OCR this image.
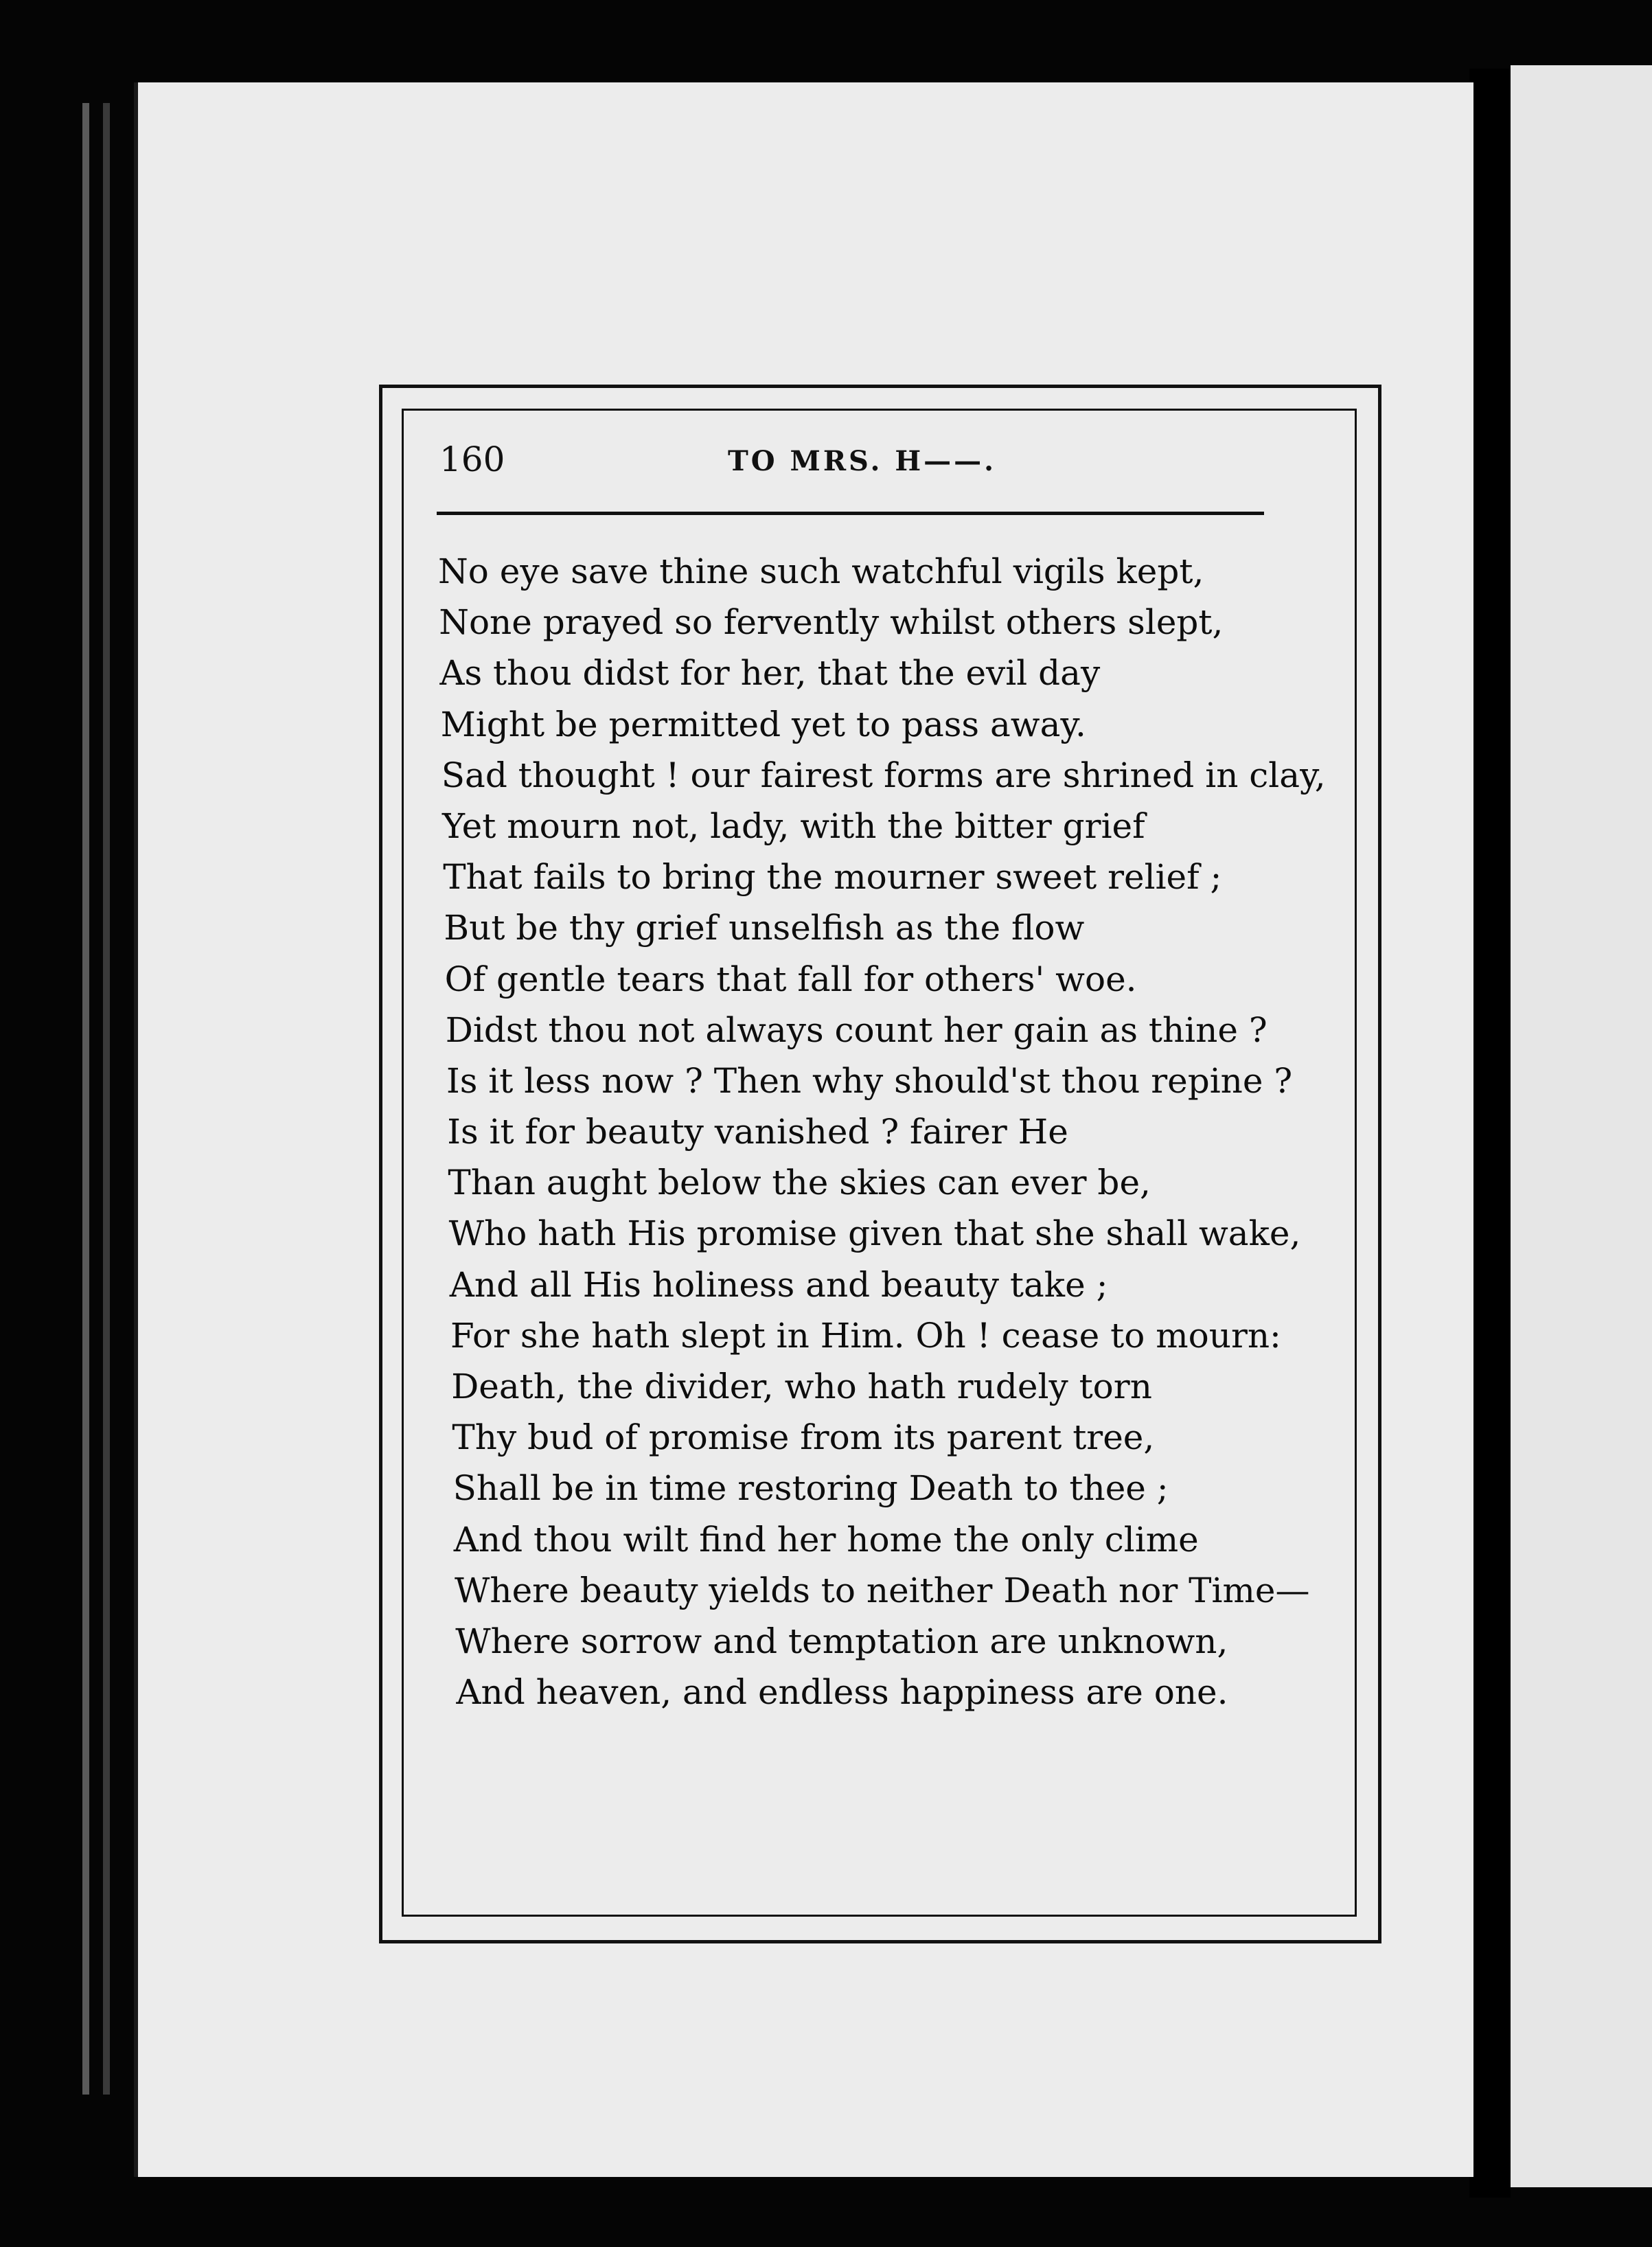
160	TO MRS. H——.
No eye save thine such watchful vigils kept,
None prayed so fervently whilst others slept,
As thou didst for her, that the evil day
Might be permitted yet to pass away.
Sad thought ! our fairest forms are shrined in clay,
Yet mourn not, lady, with the bitter grief
That fails to bring the mourner sweet relief ;
But be thy grief unselfish as the flow
Of gentle tears that fall for others' woe.
Didst thou not always count her gain as thine ?
Is it less now ? Then why should'st thou repine ?
Is it for beauty vanished ? fairer He
Than aught below the skies can ever be,
Who hath His promise given that she shall wake,
And all His holiness and beauty take ;
For she hath slept in Him. Oh ! cease to mourn:
Death, the divider, who hath rudely torn
Thy bud of promise from its parent tree,
Shall be in time restoring Death to thee ;
And thou wilt find her home the only clime
Where beauty yields to neither Death nor Time—
Where sorrow and temptation are unknown,
And heaven, and endless happiness are one.
